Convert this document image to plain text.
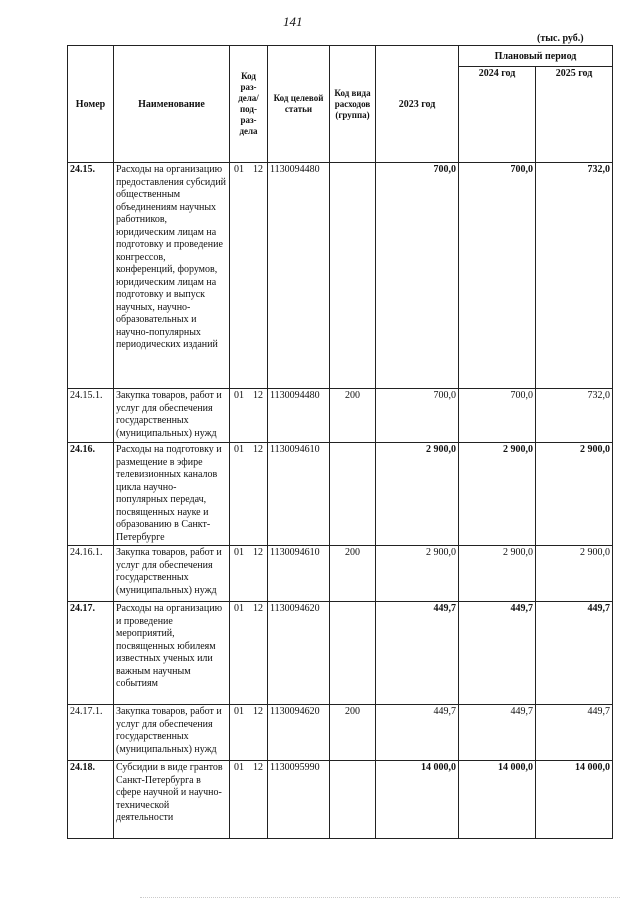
141
(тыс. руб.)
Номер	Наименование	Код раз-дела/ под-раз-дела	Код целевой статьи	Код вида расходов (группа)	2023 год	Плановый период	
						2024 год	2025 год
24.15.	Расходы на организацию предоставления субсидий общественным объединениям научных работников, юридическим лицам на подготовку и проведение конгрессов, конференций, форумов, юридическим лицам на подготовку и выпуск научных, научно-образовательных и научно-популярных периодических изданий	01 12	1130094480		700,0	700,0	732,0
24.15.1.	Закупка товаров, работ и услуг для обеспечения государственных (муниципальных) нужд	01 12	1130094480	200	700,0	700,0	732,0
24.16.	Расходы на подготовку и размещение в эфире телевизионных каналов цикла научно-популярных передач, посвященных науке и образованию в Санкт-Петербурге	01 12	1130094610		2 900,0	2 900,0	2 900,0
24.16.1.	Закупка товаров, работ и услуг для обеспечения государственных (муниципальных) нужд	01 12	1130094610	200	2 900,0	2 900,0	2 900,0
24.17.	Расходы на организацию и проведение мероприятий, посвященных юбилеям известных ученых или важным научным событиям	01 12	1130094620		449,7	449,7	449,7
24.17.1.	Закупка товаров, работ и услуг для обеспечения государственных (муниципальных) нужд	01 12	1130094620	200	449,7	449,7	449,7
24.18.	Субсидии в виде грантов Санкт-Петербурга в сфере научной и научно-технической деятельности	01 12	1130095990		14 000,0	14 000,0	14 000,0
